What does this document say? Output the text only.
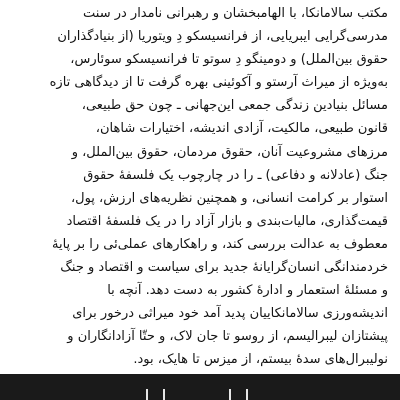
مکتب سالامانکا، با الهامبخشان و رهبرانی نامدار در سنت
مدرسی‌گرایی ایبریایی، از فرانسیسکو دِ ویتوریا (از بنیادگذاران
حقوق بین‌الملل) و دومینگو دِ سوتو تا فرانسیسکو سوئارس،
به‌ویژه از میراث آرستو و آکوئینی بهره گرفت تا از دیدگاهی تازه
مسائل بنیادین زندگی جمعی این‌جهانی ـ چون حق طبیعی،
قانون طبیعی، مالکیت، آزادی اندیشه، اختیارات شاهان،
مرزهای مشروعیت آنان، حقوق مردمان، حقوق بین‌الملل، و
جنگ (عادلانه و دفاعی) ـ را در چارچوب یک فلسفهٔ حقوق
استوار بر کرامت انسانی، و همچنین نظریه‌های ارزش، پول،
قیمت‌گذاری، مالیات‌بندی و بازار آزاد را در یک فلسفهٔ اقتصاد
معطوف به عدالت بررسی کند، و راهکارهای عملی‌ئی را بر پایهٔ
خردمندانگی انسان‌گرایانهٔ جدید برای سیاست و اقتصاد و جنگ
و مسئلهٔ استعمار و ادارهٔ کشور به دست دهد. آنچه با
اندیشه‌ورزی سالامانکاییان پدید آمد خود میراثی درخور برای
پیشتازان لیبرالیسم، از روسو تا جان لاک، و حتّا آزادانگاران و
نولیبرال‌های سدهٔ بیستم، از میزس تا هایک، بود.
